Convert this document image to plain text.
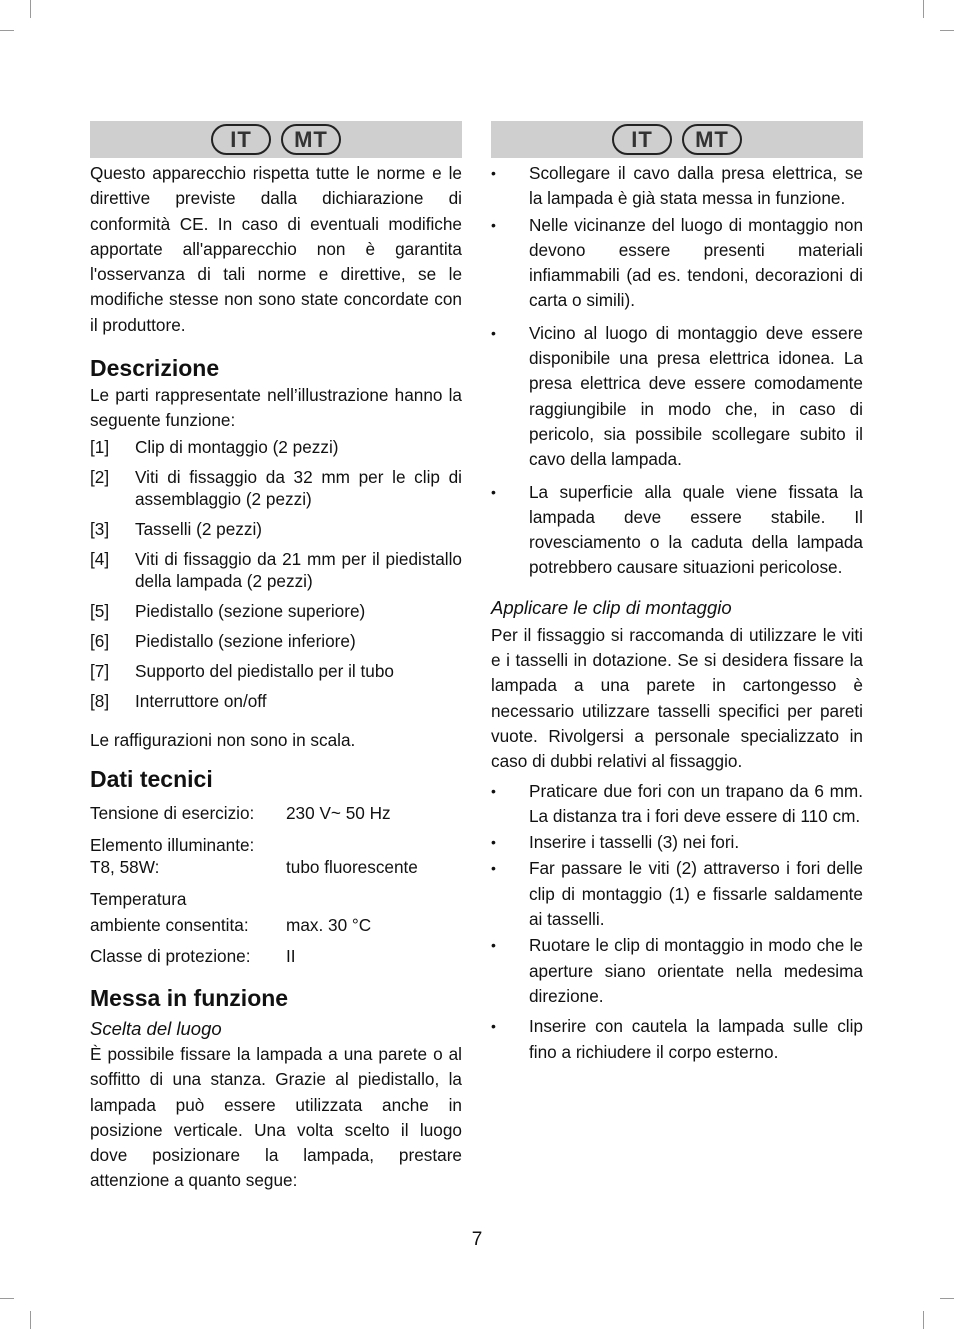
IT	MT

Questo apparecchio rispetta tutte le norme e le direttive previste dalla dichiarazione di conformità CE. In caso di eventuali modifiche apportate all'apparecchio non è garantita l'osservanza di tali norme e direttive, se le modifiche stesse non sono state concordate con il produttore.

Descrizione

Le parti rappresentate nell’illustrazione hanno la seguente funzione:

[1]	Clip di montaggio (2 pezzi)
[2]	Viti di fissaggio da 32 mm per le clip di assemblaggio (2 pezzi)
[3]	Tasselli (2 pezzi)
[4]	Viti di fissaggio da 21 mm per il piedistallo della lampada (2 pezzi)
[5]	Piedistallo (sezione superiore)
[6]	Piedistallo (sezione inferiore)
[7]	Supporto del piedistallo per il tubo
[8]	Interruttore on/off

Le raffigurazioni non sono in scala.

Dati tecnici
Tensione di esercizio:	230 V~ 50 Hz
Elemento illuminante:
T8, 58W:	tubo fluorescente
Temperatura
ambiente consentita:	max. 30 °C
Classe di protezione:	II
Messa in funzione
Scelta del luogo

È possibile fissare la lampada a una parete o al soffitto di una stanza. Grazie al piedistallo, la lampada può essere utilizzata anche in posizione verticale. Una volta scelto il luogo dove posizionare la lampada, prestare attenzione a quanto segue:

IT	MT
•	Scollegare il cavo dalla presa elettrica, se la lampada è già stata messa in funzione.
•	Nelle vicinanze del luogo di montaggio non devono essere presenti materiali infiammabili (ad es. tendoni, decorazioni di carta o simili).
•	Vicino al luogo di montaggio deve essere disponibile una presa elettrica idonea. La presa elettrica deve essere comodamente raggiungibile in modo che, in caso di pericolo, sia possibile scollegare subito il cavo della lampada.
•	La superficie alla quale viene fissata la lampada deve essere stabile. Il rovesciamento o la caduta della lampada potrebbero causare situazioni pericolose.
Applicare le clip di montaggio

Per il fissaggio si raccomanda di utilizzare le viti e i tasselli in dotazione. Se si desidera fissare la lampada a una parete in cartongesso è necessario utilizzare tasselli specifici per pareti vuote. Rivolgersi a personale specializzato in caso di dubbi relativi al fissaggio.

•	Praticare due fori con un trapano da 6 mm. La distanza tra i fori deve essere di 110 cm.
•	Inserire i tasselli (3) nei fori.
•	Far passare le viti (2) attraverso i fori delle clip di montaggio (1) e fissarle saldamente ai tasselli.
•	Ruotare le clip di montaggio in modo che le aperture siano orientate nella medesima direzione.
•	Inserire con cautela la lampada sulle clip fino a richiudere il corpo esterno.
7
